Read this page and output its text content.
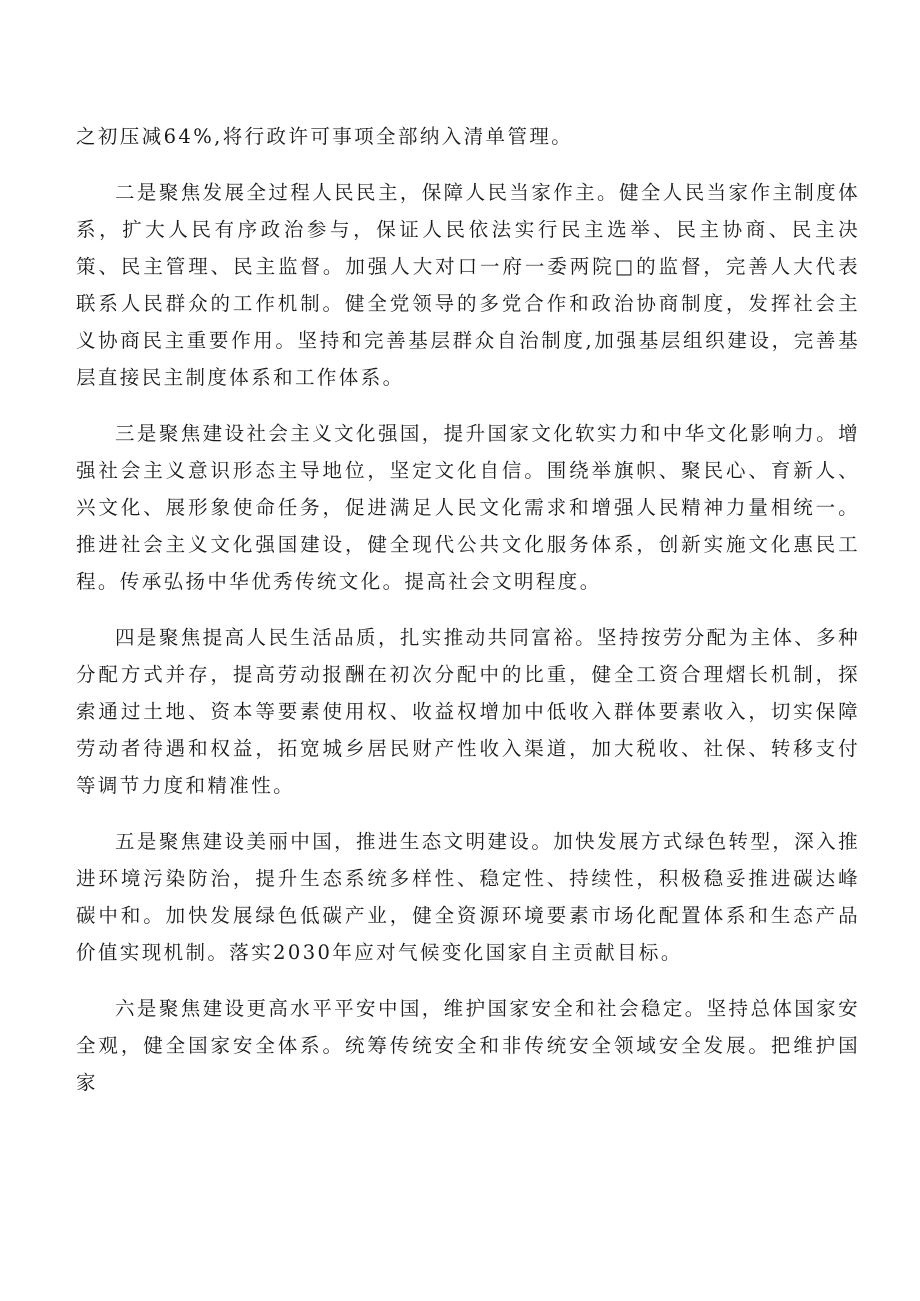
之初压减64%,将行政许可事项全部纳入清单管理。

二是聚焦发展全过程人民民主，保障人民当家作主。健全人民当家作主制度体系，扩大人民有序政治参与，保证人民依法实行民主选举、民主协商、民主决策、民主管理、民主监督。加强人大对口一府一委两院□的监督，完善人大代表联系人民群众的工作机制。健全党领导的多党合作和政治协商制度，发挥社会主义协商民主重要作用。坚持和完善基层群众自治制度,加强基层组织建设，完善基层直接民主制度体系和工作体系。

三是聚焦建设社会主义文化强国，提升国家文化软实力和中华文化影响力。增强社会主义意识形态主导地位，坚定文化自信。围绕举旗帜、聚民心、育新人、兴文化、展形象使命任务，促进满足人民文化需求和增强人民精神力量相统一。推进社会主义文化强国建设，健全现代公共文化服务体系，创新实施文化惠民工程。传承弘扬中华优秀传统文化。提高社会文明程度。

四是聚焦提高人民生活品质，扎实推动共同富裕。坚持按劳分配为主体、多种分配方式并存，提高劳动报酬在初次分配中的比重，健全工资合理熠长机制，探索通过土地、资本等要素使用权、收益权增加中低收入群体要素收入，切实保障劳动者待遇和权益，拓宽城乡居民财产性收入渠道，加大税收、社保、转移支付等调节力度和精准性。

五是聚焦建设美丽中国，推进生态文明建设。加快发展方式绿色转型，深入推进环境污染防治，提升生态系统多样性、稳定性、持续性，积极稳妥推进碳达峰碳中和。加快发展绿色低碳产业，健全资源环境要素市场化配置体系和生态产品价值实现机制。落实2030年应对气候变化国家自主贡献目标。

六是聚焦建设更高水平平安中国，维护国家安全和社会稳定。坚持总体国家安全观，健全国家安全体系。统筹传统安全和非传统安全领域安全发展。把维护国家
